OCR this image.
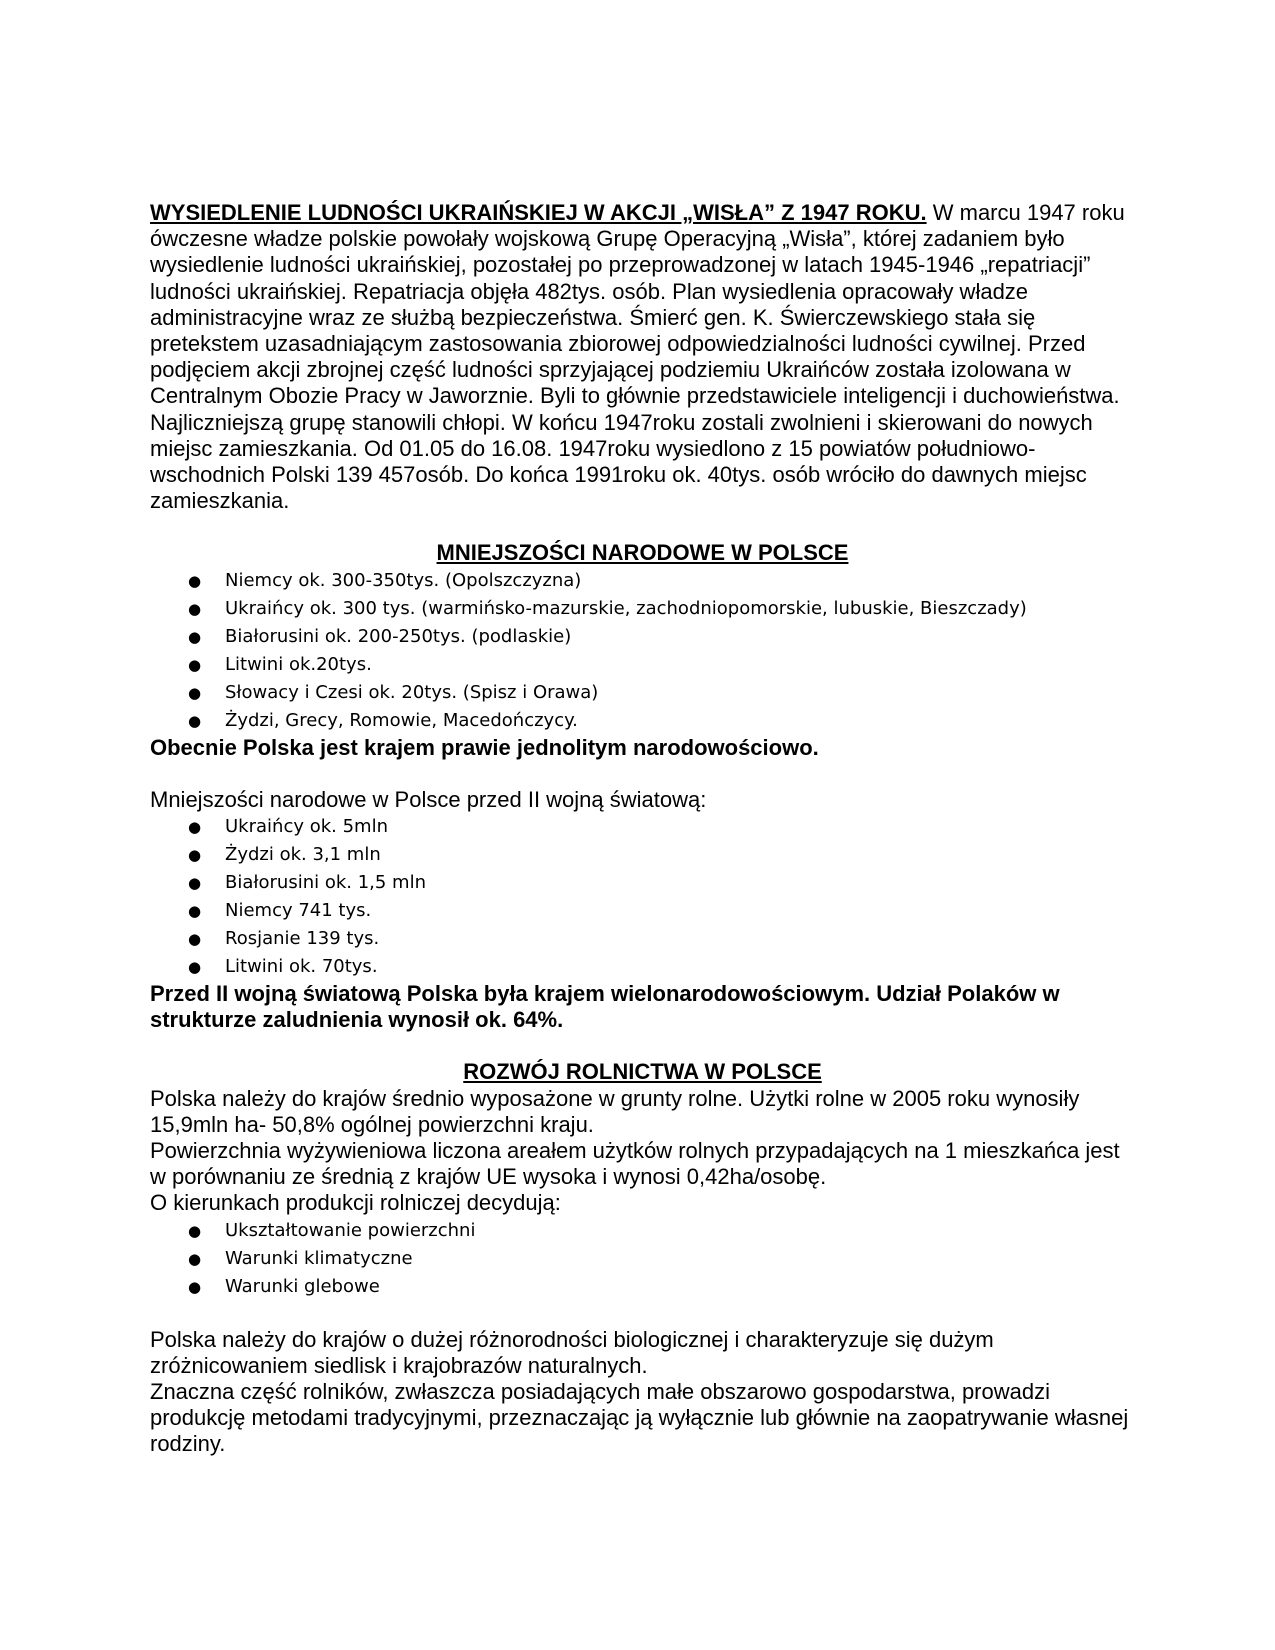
WYSIEDLENIE LUDNOŚCI UKRAIŃSKIEJ W AKCJI „WISŁA” Z 1947 ROKU. W marcu 1947 roku ówczesne władze polskie powołały wojskową Grupę Operacyjną „Wisła”, której zadaniem było wysiedlenie ludności ukraińskiej, pozostałej po przeprowadzonej w latach 1945-1946 „repatriacji” ludności ukraińskiej. Repatriacja objęła 482tys. osób. Plan wysiedlenia opracowały władze administracyjne wraz ze służbą bezpieczeństwa. Śmierć gen. K. Świerczewskiego stała się pretekstem uzasadniającym zastosowania zbiorowej odpowiedzialności ludności cywilnej. Przed podjęciem akcji zbrojnej część ludności sprzyjającej podziemiu Ukraińców została izolowana w Centralnym Obozie Pracy w Jaworznie. Byli to głównie przedstawiciele inteligencji i duchowieństwa. Najliczniejszą grupę stanowili chłopi. W końcu 1947roku zostali zwolnieni i skierowani do nowych miejsc zamieszkania. Od 01.05 do 16.08. 1947roku wysiedlono z 15 powiatów południowo-wschodnich Polski 139 457osób. Do końca 1991roku ok. 40tys. osób wróciło do dawnych miejsc zamieszkania.

MNIEJSZOŚCI NARODOWE W POLSCE

● Niemcy ok. 300-350tys. (Opolszczyzna)
● Ukraińcy ok. 300 tys. (warmińsko-mazurskie, zachodniopomorskie, lubuskie, Bieszczady)
● Białorusini ok. 200-250tys. (podlaskie)
● Litwini ok.20tys.
● Słowacy i Czesi ok. 20tys. (Spisz i Orawa)
● Żydzi, Grecy, Romowie, Macedończycy.

Obecnie Polska jest krajem prawie jednolitym narodowościowo.

Mniejszości narodowe w Polsce przed II wojną światową:

● Ukraińcy ok. 5mln
● Żydzi ok. 3,1 mln
● Białorusini ok. 1,5 mln
● Niemcy 741 tys.
● Rosjanie 139 tys.
● Litwini ok. 70tys.

Przed II wojną światową Polska była krajem wielonarodowościowym. Udział Polaków w strukturze zaludnienia wynosił ok. 64%.

ROZWÓJ ROLNICTWA W POLSCE

Polska należy do krajów średnio wyposażone w grunty rolne. Użytki rolne w 2005 roku wynosiły 15,9mln ha- 50,8% ogólnej powierzchni kraju.

Powierzchnia wyżywieniowa liczona areałem użytków rolnych przypadających na 1 mieszkańca jest w porównaniu ze średnią z krajów UE wysoka i wynosi 0,42ha/osobę.

O kierunkach produkcji rolniczej decydują:

● Ukształtowanie powierzchni
● Warunki klimatyczne
● Warunki glebowe

Polska należy do krajów o dużej różnorodności biologicznej i charakteryzuje się dużym zróżnicowaniem siedlisk i krajobrazów naturalnych.

Znaczna część rolników, zwłaszcza posiadających małe obszarowo gospodarstwa, prowadzi produkcję metodami tradycyjnymi, przeznaczając ją wyłącznie lub głównie na zaopatrywanie własnej rodziny.
